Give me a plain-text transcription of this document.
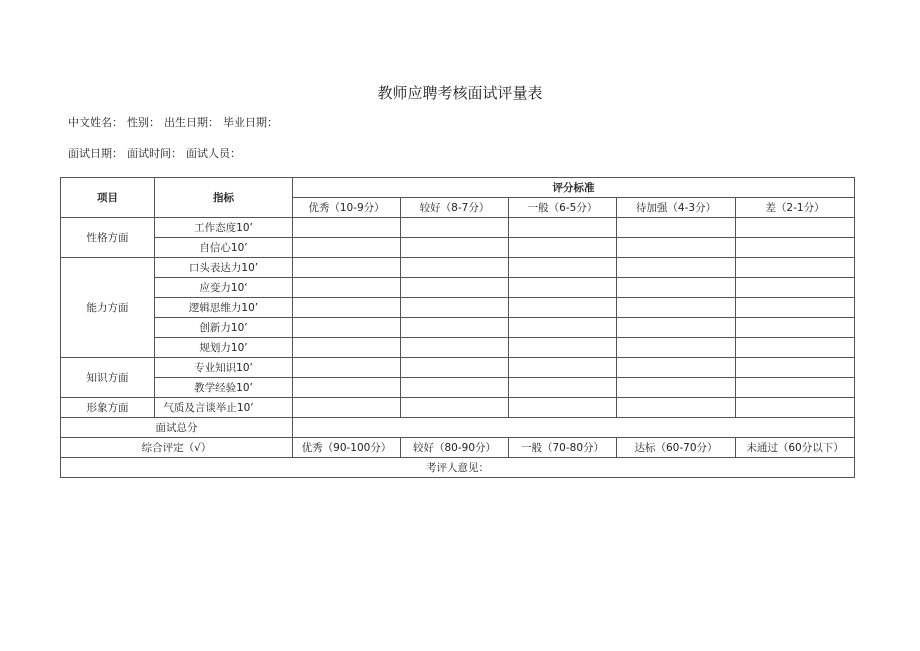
教师应聘考核面试评量表
中文姓名： 性别： 出生日期： 毕业日期：
面试日期： 面试时间： 面试人员：
项目	指标	评分标准				
		优秀（10-9分）	较好（8-7分）	一般（6-5分）	待加强（4-3分）	差（2-1分）
性格方面	工作态度10’					
	自信心10’					
能力方面	口头表达力10’					
	应变力10‘					
	逻辑思维力10’					
	创新力10’					
	规划力10’					
知识方面	专业知识10’					
	教学经验10’					
形象方面	气质及言谈举止10’					
面试总分						
综合评定（√）		优秀（90-100分）	较好（80-90分）	一般（70-80分）	达标（60-70分）	未通过（60分以下）
考评人意见：						
